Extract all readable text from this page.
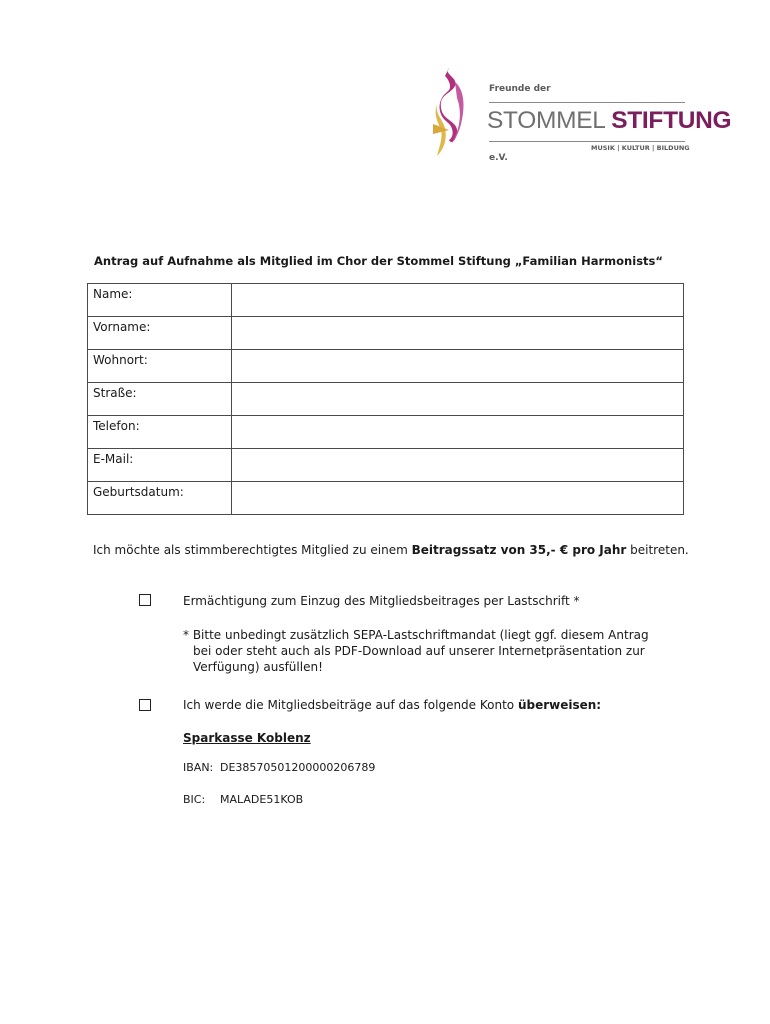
Freunde der
STOMMEL STIFTUNG
MUSIK | KULTUR | BILDUNG
e.V.
Antrag auf Aufnahme als Mitglied im Chor der Stommel Stiftung „Familian Harmonists“
Name:	
Vorname:	
Wohnort:	
Straße:	
Telefon:	
E-Mail:	
Geburtsdatum:	
Ich möchte als stimmberechtigtes Mitglied zu einem Beitragssatz von 35,- € pro Jahr beitreten.
Ermächtigung zum Einzug des Mitgliedsbeitrages per Lastschrift *
* Bitte unbedingt zusätzlich SEPA-Lastschriftmandat (liegt ggf. diesem Antrag
bei oder steht auch als PDF-Download auf unserer Internetpräsentation zur
Verfügung) ausfüllen!
Ich werde die Mitgliedsbeiträge auf das folgende Konto überweisen:
Sparkasse Koblenz
IBAN: DE38570501200000206789
BIC: MALADE51KOB
